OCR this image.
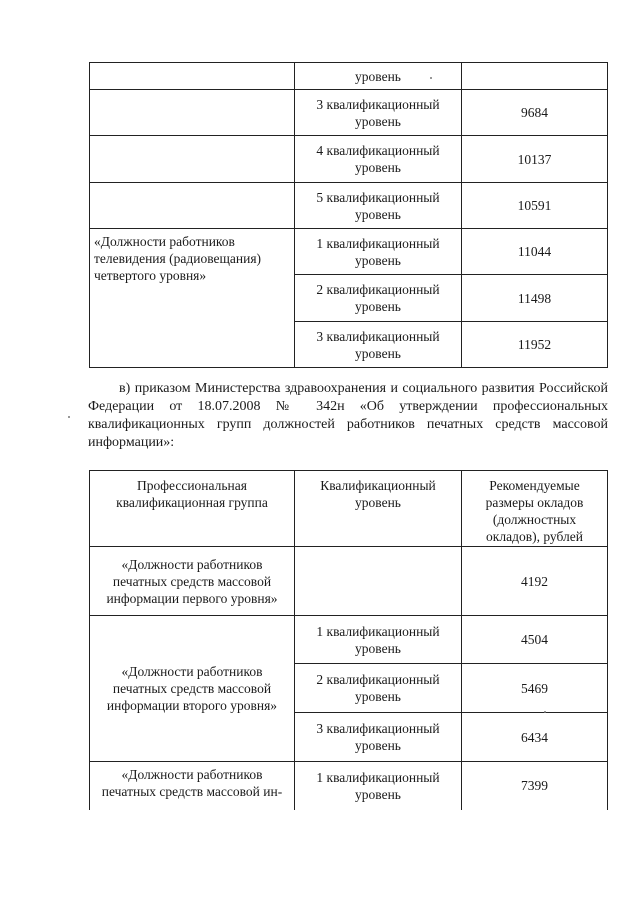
	уровень	
	3 квалификационный уровень	9684
	4 квалификационный уровень	10137
	5 квалификационный уровень	10591
«Должности работников телевидения (радиовещания) четвертого уровня»	1 квалификационный уровень	11044
	2 квалификационный уровень	11498
	3 квалификационный уровень	11952

в) приказом Министерства здравоохранения и социального развития Российской Федерации от 18.07.2008 № 342н «Об утверждении профессиональных квалификационных групп должностей работников печатных средств массовой информации»:

Профессиональная квалификационная группа	Квалификационный уровень	Рекомендуемые размеры окладов (должностных окладов), рублей
«Должности работников печатных средств массовой информации первого уровня»		4192
«Должности работников печатных средств массовой информации второго уровня»	1 квалификационный уровень	4504
	2 квалификационный уровень	5469
	3 квалификационный уровень	6434
«Должности работников печатных средств массовой ин-	1 квалификационный уровень	7399
